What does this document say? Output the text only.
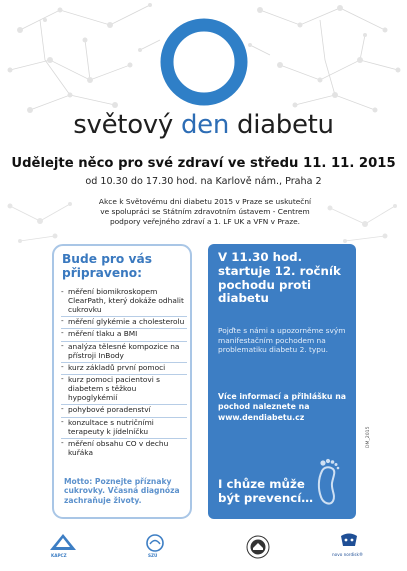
světový den diabetu
Udělejte něco pro své zdraví ve středu 11. 11. 2015
od 10.30 do 17.30 hod. na Karlově nám., Praha 2
Akce k Světovému dni diabetu 2015 v Praze se uskuteční ve spolupráci se Státním zdravotním ústavem - Centrem podpory veřejného zdraví a 1. LF UK a VFN v Praze.
Bude pro vás připraveno:
- měření biomikroskopem ClearPath, který dokáže odhalit cukrovku
- měření glykémie a cholesterolu
- měření tlaku a BMI
- analýza tělesné kompozice na přístroji InBody
- kurz základů první pomoci
- kurz pomoci pacientovi s diabetem s těžkou hypoglykémií
- pohybové poradenství
- konzultace s nutričními terapeuty k jídelníčku
- měření obsahu CO v dechu kuřáka
Motto: Poznejte příznaky cukrovky. Včasná diagnóza zachraňuje životy.
V 11.30 hod. startuje 12. ročník pochodu proti diabetu
Pojďte s námi a upozorněme svým manifestačním pochodem na problematiku diabetu 2. typu.
Více informací a přihlášku na pochod naleznete na www.dendiabetu.cz
I chůze může být prevencí…
DM_2015
KAPCZ	SZÚ	novo nordisk®
